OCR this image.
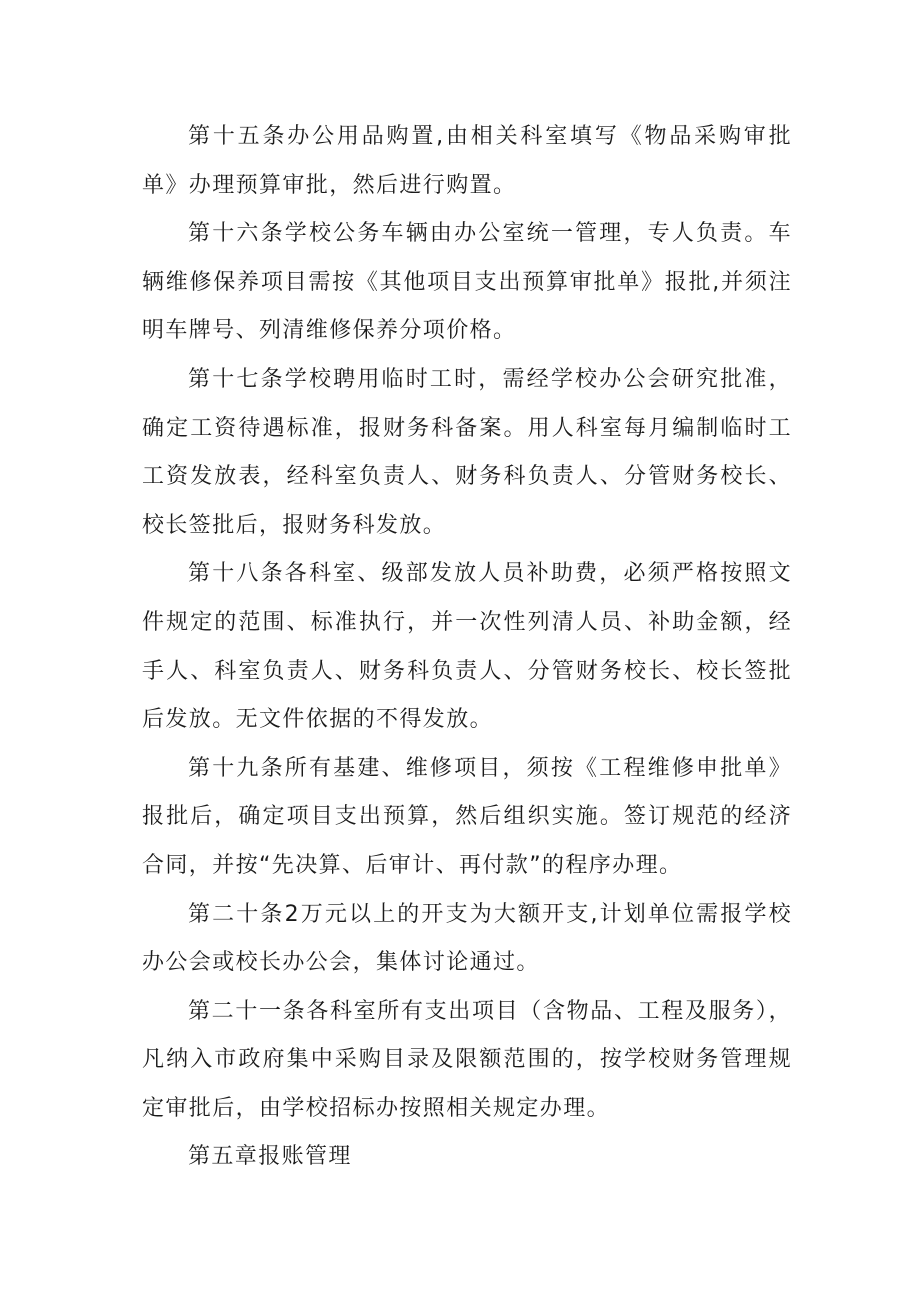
第十五条办公用品购置,由相关科室填写《物品采购审批单》办理预算审批，然后进行购置。

第十六条学校公务车辆由办公室统一管理，专人负责。车辆维修保养项目需按《其他项目支出预算审批单》报批,并须注明车牌号、列清维修保养分项价格。

第十七条学校聘用临时工时，需经学校办公会研究批准，确定工资待遇标准，报财务科备案。用人科室每月编制临时工工资发放表，经科室负责人、财务科负责人、分管财务校长、校长签批后，报财务科发放。

第十八条各科室、级部发放人员补助费，必须严格按照文件规定的范围、标准执行，并一次性列清人员、补助金额，经手人、科室负责人、财务科负责人、分管财务校长、校长签批后发放。无文件依据的不得发放。

第十九条所有基建、维修项目，须按《工程维修申批单》报批后，确定项目支出预算，然后组织实施。签订规范的经济合同，并按“先决算、后审计、再付款”的程序办理。

第二十条2万元以上的开支为大额开支,计划单位需报学校办公会或校长办公会，集体讨论通过。

第二十一条各科室所有支出项目（含物品、工程及服务），凡纳入市政府集中采购目录及限额范围的，按学校财务管理规定审批后，由学校招标办按照相关规定办理。

第五章报账管理
